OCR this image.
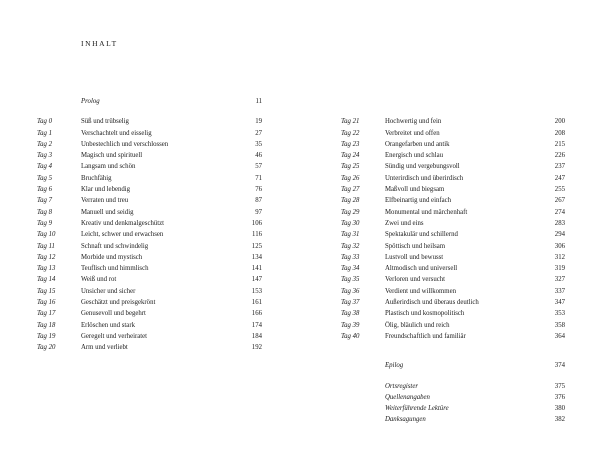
INHALT
Prolog	11
Tag 0	Süß und trübselig	19
Tag 1	Verschachtelt und eisselig	27
Tag 2	Unbestechlich und verschlossen	35
Tag 3	Magisch und spirituell	46
Tag 4	Langsam und schön	57
Tag 5	Bruchfähig	71
Tag 6	Klar und lebendig	76
Tag 7	Verraten und treu	87
Tag 8	Manuell und seidig	97
Tag 9	Kreativ und denkmalgeschützt	106
Tag 10	Leicht, schwer und erwachsen	116
Tag 11	Schnaft und schwindelig	125
Tag 12	Morbide und mystisch	134
Tag 13	Teuflisch und himmlisch	141
Tag 14	Weiß und rot	147
Tag 15	Unsicher und sicher	153
Tag 16	Geschätzt und preisgekrönt	161
Tag 17	Genusevoll und begehrt	166
Tag 18	Erlöschen und stark	174
Tag 19	Geregelt und verheiratet	184
Tag 20	Arm und verliebt	192
Tag 21	Hochwertig und fein	200
Tag 22	Verbreitet und offen	208
Tag 23	Orangefarben und antik	215
Tag 24	Energisch und schlau	226
Tag 25	Sündig und vergebungsvoll	237
Tag 26	Unterirdisch und überirdisch	247
Tag 27	Maßvoll und biegsam	255
Tag 28	Elfbeinartig und einfach	267
Tag 29	Monumental und märchenhaft	274
Tag 30	Zwei und eins	283
Tag 31	Spektakulär und schillernd	294
Tag 32	Spöttisch und heilsam	306
Tag 33	Lustvoll und bewusst	312
Tag 34	Altmodisch und universell	319
Tag 35	Verloren und versucht	327
Tag 36	Verdient und willkommen	337
Tag 37	Außerirdisch und überaus deutlich	347
Tag 38	Plastisch und kosmopolitisch	353
Tag 39	Ölig, bläulich und reich	358
Tag 40	Freundschaftlich und familiär	364
Epilog	374
Ortsregister	375
Quellenangaben	376
Weiterführende Lektüre	380
Danksagungen	382
